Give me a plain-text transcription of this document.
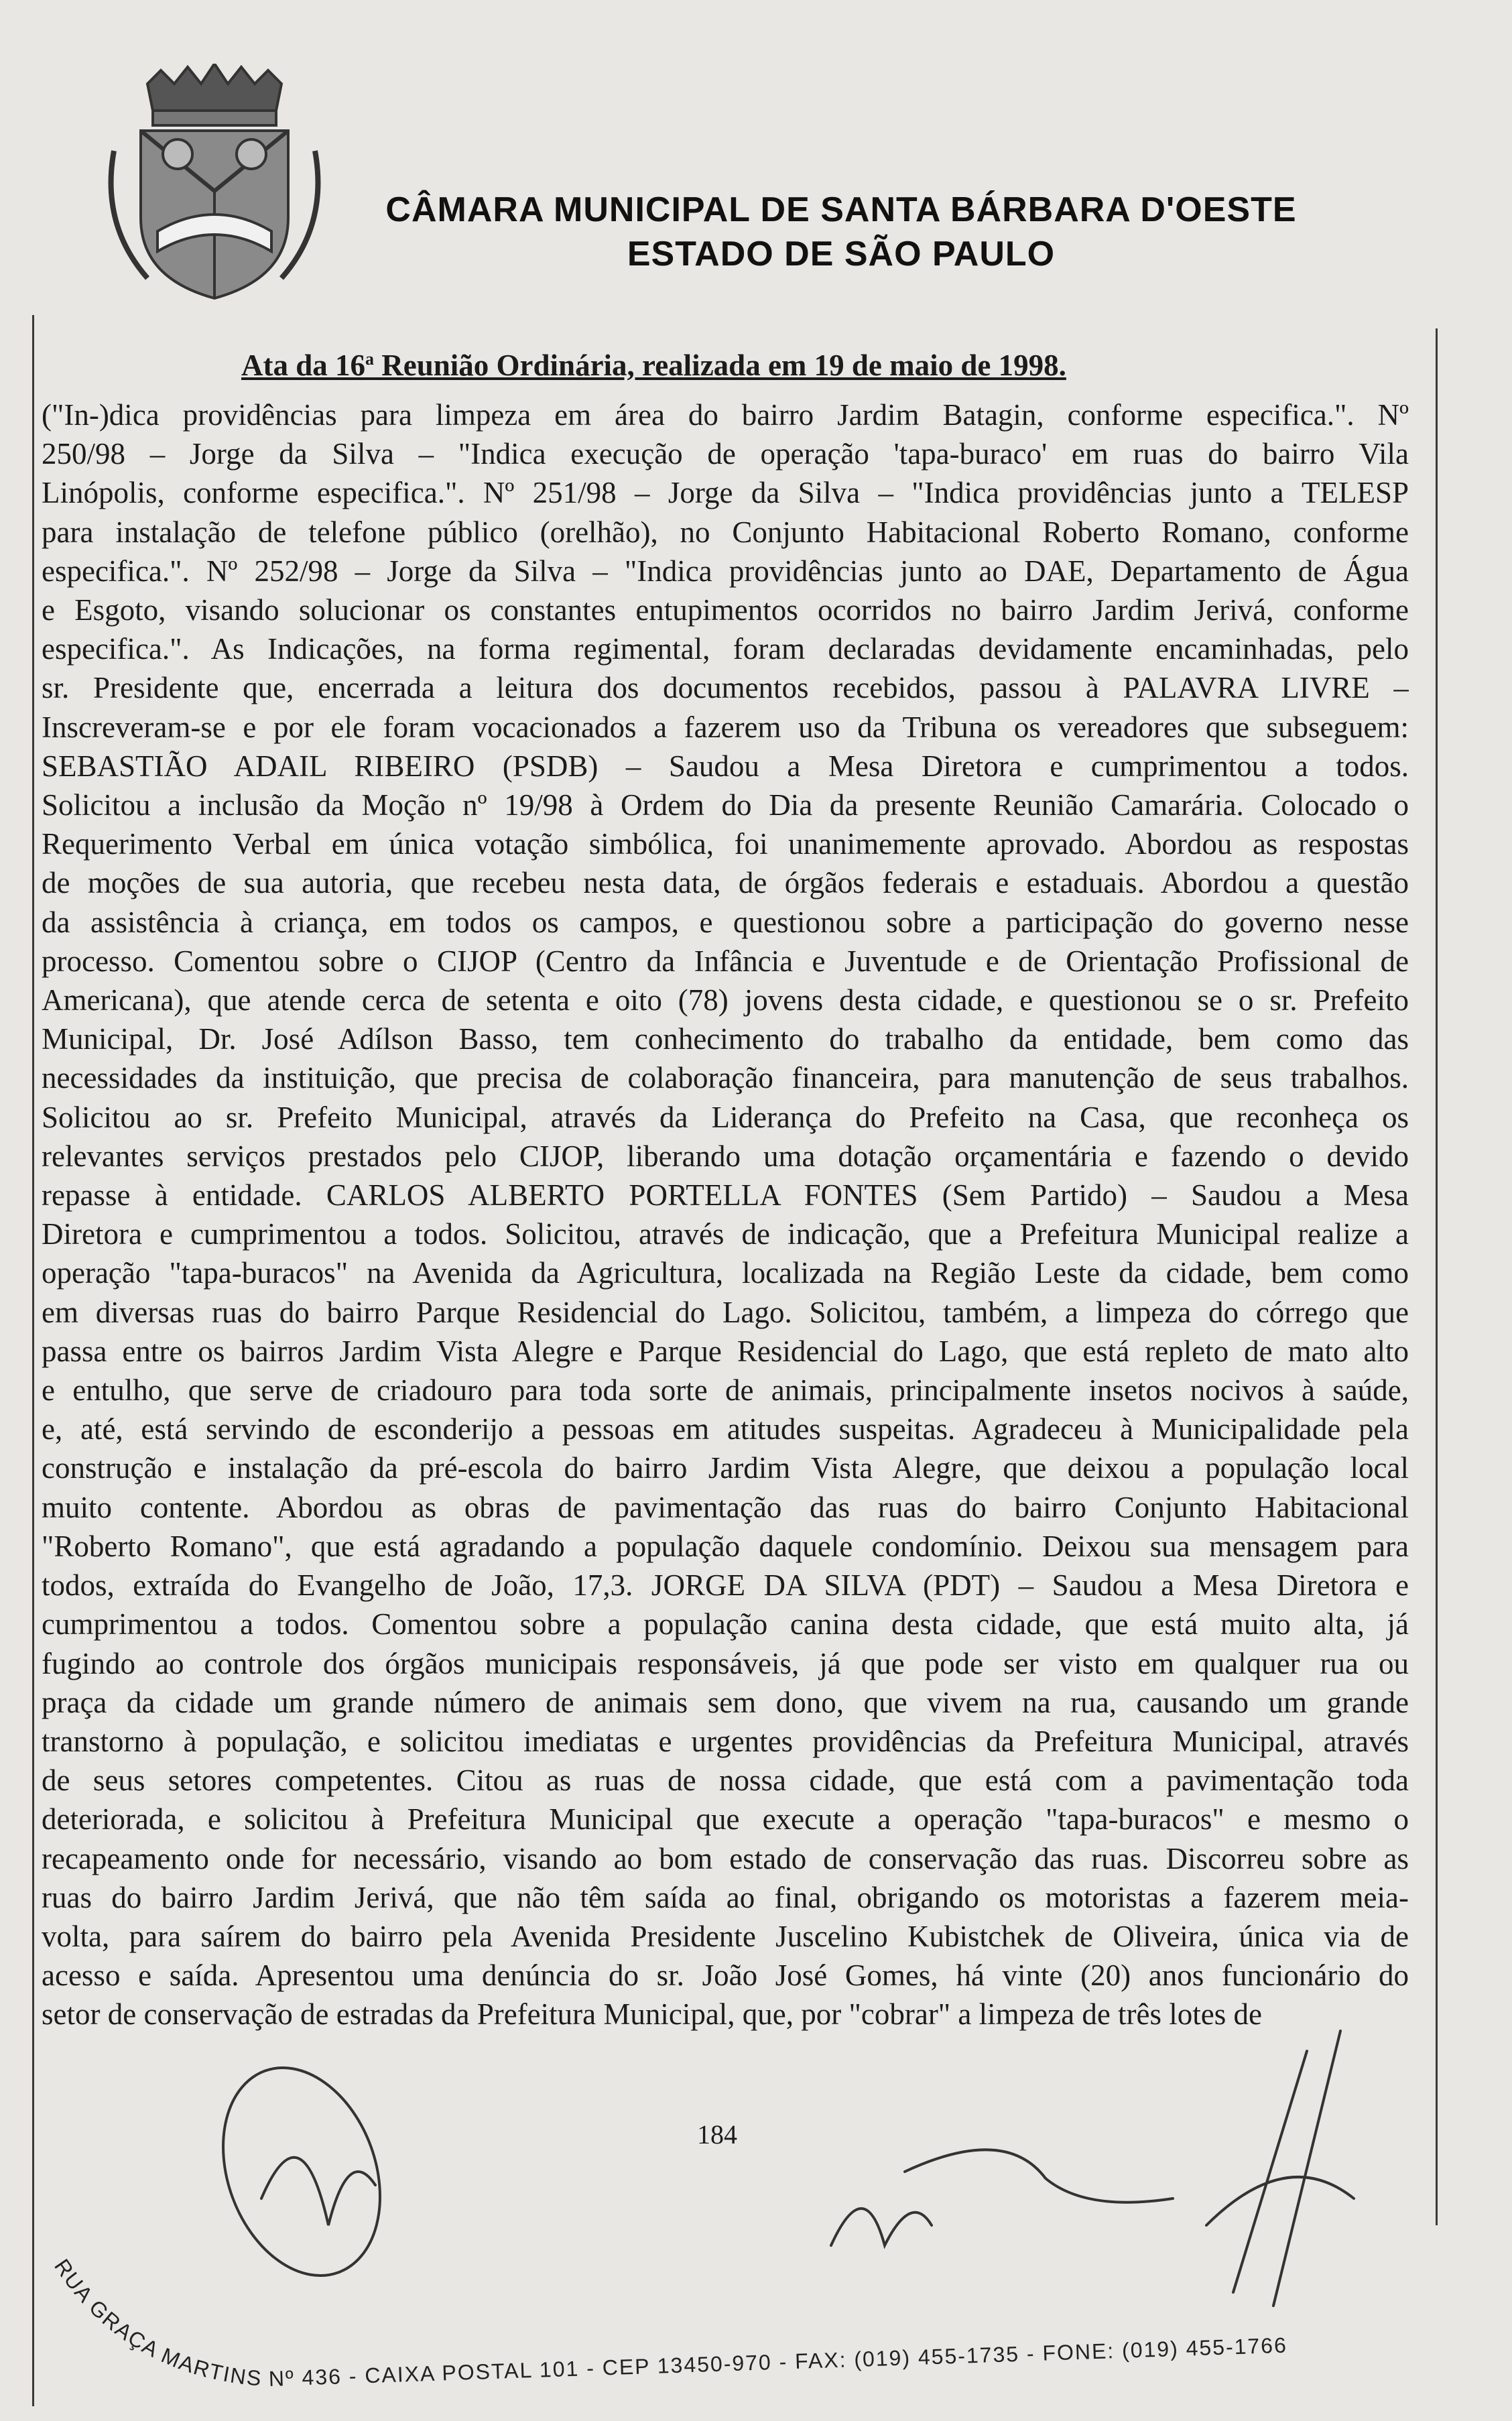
CÂMARA MUNICIPAL DE SANTA BÁRBARA D'OESTE
ESTADO DE SÃO PAULO
Ata da 16$^a$ Reunião Ordinária, realizada em 19 de maio de 1998.
("In-)dica providências para limpeza em área do bairro Jardim Batagin, conforme especifica.". Nº
250/98 – Jorge da Silva – "Indica execução de operação 'tapa-buraco' em ruas do bairro Vila
Linópolis, conforme especifica.". Nº 251/98 – Jorge da Silva – "Indica providências junto a TELESP
para instalação de telefone público (orelhão), no Conjunto Habitacional Roberto Romano, conforme
especifica.". Nº 252/98 – Jorge da Silva – "Indica providências junto ao DAE, Departamento de Água
e Esgoto, visando solucionar os constantes entupimentos ocorridos no bairro Jardim Jerivá, conforme
especifica.". As Indicações, na forma regimental, foram declaradas devidamente encaminhadas, pelo
sr. Presidente que, encerrada a leitura dos documentos recebidos, passou à PALAVRA LIVRE –
Inscreveram-se e por ele foram vocacionados a fazerem uso da Tribuna os vereadores que subseguem:
SEBASTIÃO ADAIL RIBEIRO (PSDB) – Saudou a Mesa Diretora e cumprimentou a todos.
Solicitou a inclusão da Moção nº 19/98 à Ordem do Dia da presente Reunião Camarária. Colocado o
Requerimento Verbal em única votação simbólica, foi unanimemente aprovado. Abordou as respostas
de moções de sua autoria, que recebeu nesta data, de órgãos federais e estaduais. Abordou a questão
da assistência à criança, em todos os campos, e questionou sobre a participação do governo nesse
processo. Comentou sobre o CIJOP (Centro da Infância e Juventude e de Orientação Profissional de
Americana), que atende cerca de setenta e oito (78) jovens desta cidade, e questionou se o sr. Prefeito
Municipal, Dr. José Adílson Basso, tem conhecimento do trabalho da entidade, bem como das
necessidades da instituição, que precisa de colaboração financeira, para manutenção de seus trabalhos.
Solicitou ao sr. Prefeito Municipal, através da Liderança do Prefeito na Casa, que reconheça os
relevantes serviços prestados pelo CIJOP, liberando uma dotação orçamentária e fazendo o devido
repasse à entidade. CARLOS ALBERTO PORTELLA FONTES (Sem Partido) – Saudou a Mesa
Diretora e cumprimentou a todos. Solicitou, através de indicação, que a Prefeitura Municipal realize a
operação "tapa-buracos" na Avenida da Agricultura, localizada na Região Leste da cidade, bem como
em diversas ruas do bairro Parque Residencial do Lago. Solicitou, também, a limpeza do córrego que
passa entre os bairros Jardim Vista Alegre e Parque Residencial do Lago, que está repleto de mato alto
e entulho, que serve de criadouro para toda sorte de animais, principalmente insetos nocivos à saúde,
e, até, está servindo de esconderijo a pessoas em atitudes suspeitas. Agradeceu à Municipalidade pela
construção e instalação da pré-escola do bairro Jardim Vista Alegre, que deixou a população local
muito contente. Abordou as obras de pavimentação das ruas do bairro Conjunto Habitacional
"Roberto Romano", que está agradando a população daquele condomínio. Deixou sua mensagem para
todos, extraída do Evangelho de João, 17,3. JORGE DA SILVA (PDT) – Saudou a Mesa Diretora e
cumprimentou a todos. Comentou sobre a população canina desta cidade, que está muito alta, já
fugindo ao controle dos órgãos municipais responsáveis, já que pode ser visto em qualquer rua ou
praça da cidade um grande número de animais sem dono, que vivem na rua, causando um grande
transtorno à população, e solicitou imediatas e urgentes providências da Prefeitura Municipal, através
de seus setores competentes. Citou as ruas de nossa cidade, que está com a pavimentação toda
deteriorada, e solicitou à Prefeitura Municipal que execute a operação "tapa-buracos" e mesmo o
recapeamento onde for necessário, visando ao bom estado de conservação das ruas. Discorreu sobre as
ruas do bairro Jardim Jerivá, que não têm saída ao final, obrigando os motoristas a fazerem meia-
volta, para saírem do bairro pela Avenida Presidente Juscelino Kubistchek de Oliveira, única via de
acesso e saída. Apresentou uma denúncia do sr. João José Gomes, há vinte (20) anos funcionário do
setor de conservação de estradas da Prefeitura Municipal, que, por "cobrar" a limpeza de três lotes de
184
RUA GRAÇA MARTINS Nº 436 - CAIXA POSTAL 101 - CEP 13450-970 - FAX: (019) 455-1735 - FONE: (019) 455-1766
